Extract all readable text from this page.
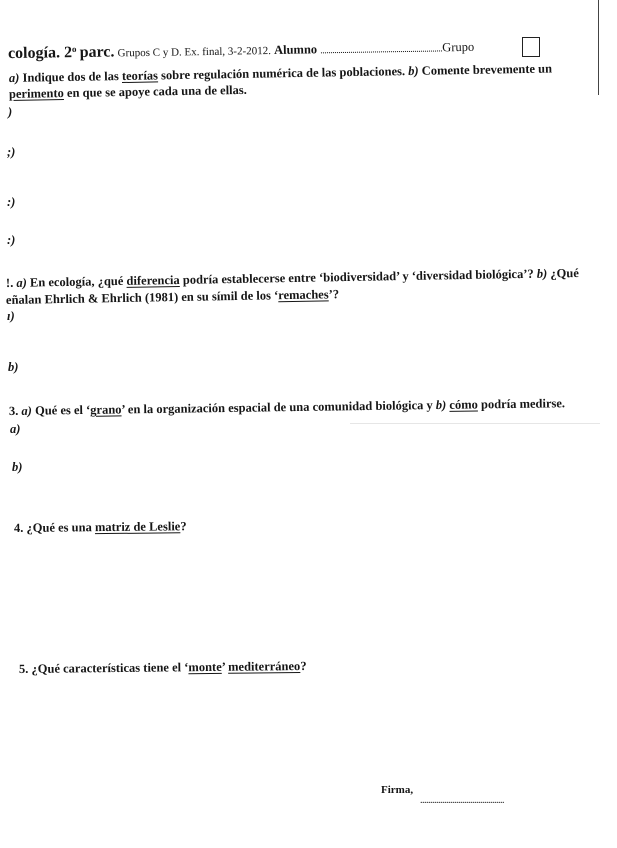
cología. 2$^o$ parc. Grupos C y D. Ex. final, 3-2-2012. Alumno .............................................................Grupo
a) Indique dos de las teorías sobre regulación numérica de las poblaciones. b) Comente brevemente un
perimento en que se apoye cada una de ellas.
)
;)
:)
:)
!. a) En ecología, ¿qué diferencia podría establecerse entre ‘biodiversidad’ y ‘diversidad biológica’? b) ¿Qué
eñalan Ehrlich & Ehrlich (1981) en su símil de los ‘remaches’?
ı)
b)
3. a) Qué es el ‘grano’ en la organización espacial de una comunidad biológica y b) cómo podría medirse.
a)
b)
4. ¿Qué es una matriz de Leslie?
5. ¿Qué características tiene el ‘monte’ mediterráneo?
Firma,
..........................................
